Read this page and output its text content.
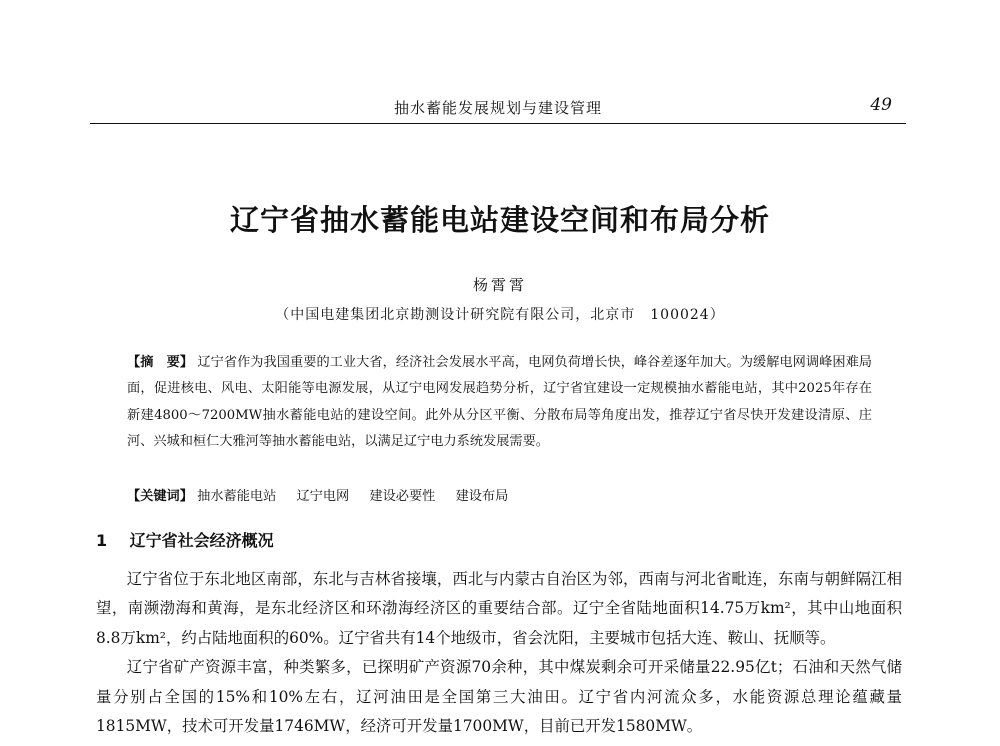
抽水蓄能发展规划与建设管理	49
辽宁省抽水蓄能电站建设空间和布局分析
杨霄霄
（中国电建集团北京勘测设计研究院有限公司，北京市　100024）
【摘　要】 辽宁省作为我国重要的工业大省，经济社会发展水平高，电网负荷增长快，峰谷差逐年加大。为缓解电网调峰困难局面，促进核电、风电、太阳能等电源发展，从辽宁电网发展趋势分析，辽宁省宜建设一定规模抽水蓄能电站，其中2025年存在新建4800～7200MW抽水蓄能电站的建设空间。此外从分区平衡、分散布局等角度出发，推荐辽宁省尽快开发建设清原、庄河、兴城和桓仁大雅河等抽水蓄能电站，以满足辽宁电力系统发展需要。
【关键词】 抽水蓄能电站 辽宁电网 建设必要性 建设布局
1 辽宁省社会经济概况

辽宁省位于东北地区南部，东北与吉林省接壤，西北与内蒙古自治区为邻，西南与河北省毗连，东南与朝鲜隔江相望，南濒渤海和黄海，是东北经济区和环渤海经济区的重要结合部。辽宁全省陆地面积14.75万km²，其中山地面积8.8万km²，约占陆地面积的60%。辽宁省共有14个地级市，省会沈阳，主要城市包括大连、鞍山、抚顺等。

辽宁省矿产资源丰富，种类繁多，已探明矿产资源70余种，其中煤炭剩余可开采储量22.95亿t；石油和天然气储量分别占全国的15%和10%左右，辽河油田是全国第三大油田。辽宁省内河流众多，水能资源总理论蕴藏量1815MW，技术可开发量1746MW，经济可开发量1700MW，目前已开发1580MW。
